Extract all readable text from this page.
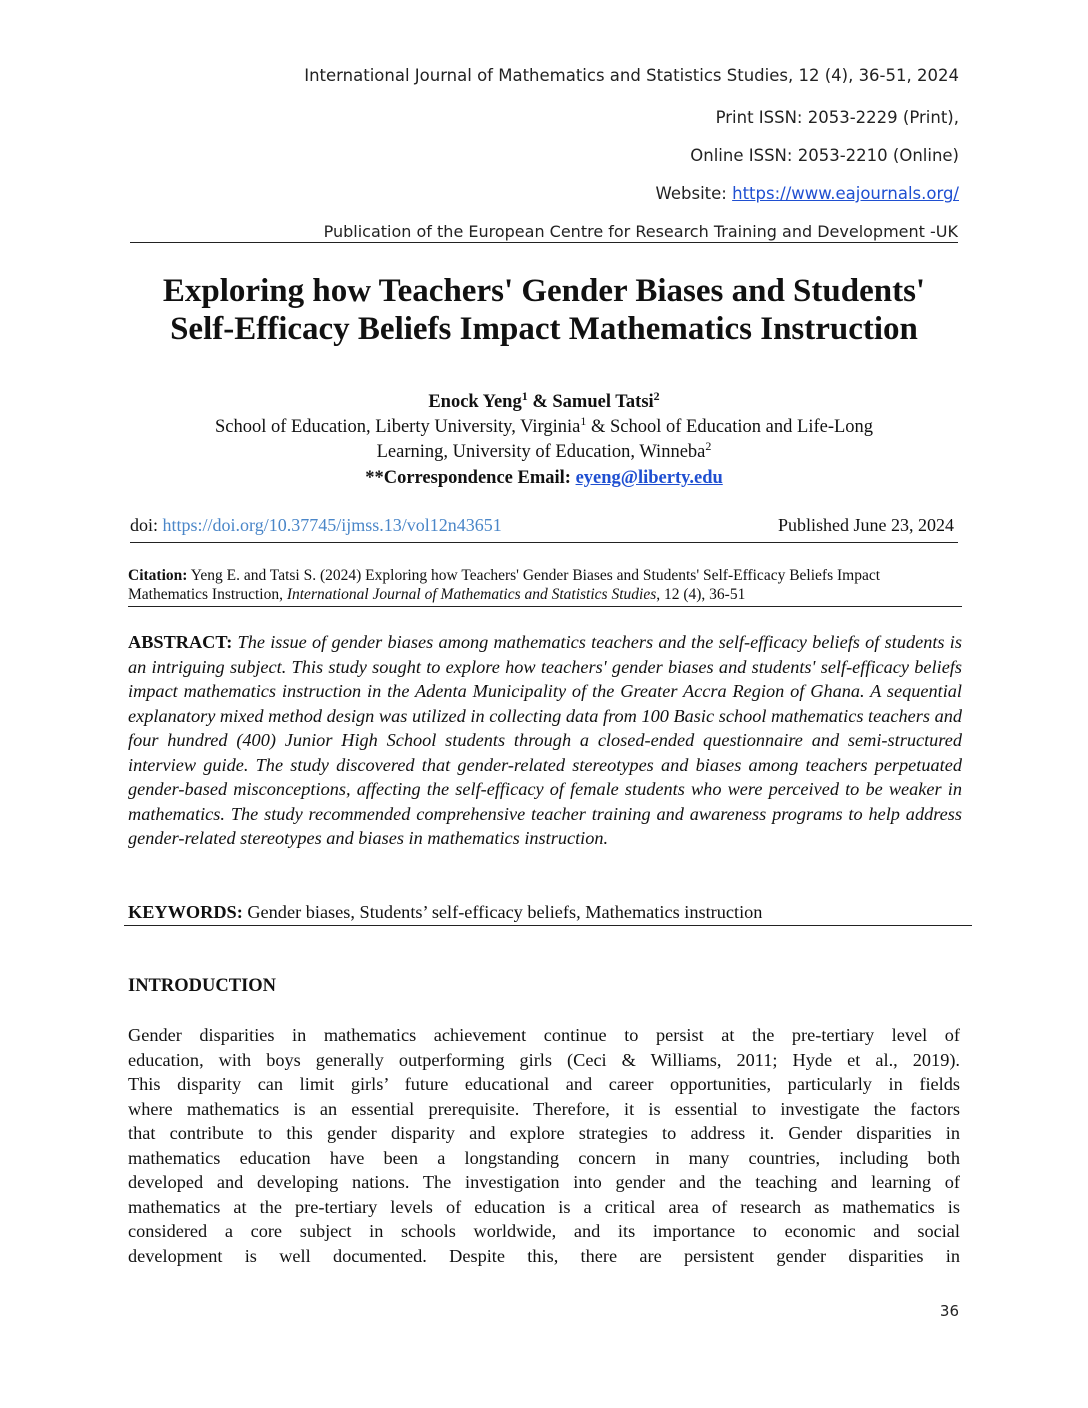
International Journal of Mathematics and Statistics Studies, 12 (4), 36-51, 2024
Print ISSN: 2053-2229 (Print),
Online ISSN: 2053-2210 (Online)
Website: https://www.eajournals.org/
Publication of the European Centre for Research Training and Development -UK
Exploring how Teachers' Gender Biases and Students'
Self-Efficacy Beliefs Impact Mathematics Instruction
Enock Yeng$^1$ & Samuel Tatsi$^2$
School of Education, Liberty University, Virginia$^1$ & School of Education and Life-Long
Learning, University of Education, Winneba$^2$
**Correspondence Email: eyeng@liberty.edu
doi: https://doi.org/10.37745/ijmss.13/vol12n43651	Published June 23, 2024
Citation: Yeng E. and Tatsi S. (2024) Exploring how Teachers' Gender Biases and Students' Self-Efficacy Beliefs Impact Mathematics Instruction, International Journal of Mathematics and Statistics Studies, 12 (4), 36-51
ABSTRACT: The issue of gender biases among mathematics teachers and the self-efficacy beliefs of students is an intriguing subject. This study sought to explore how teachers' gender biases and students' self-efficacy beliefs impact mathematics instruction in the Adenta Municipality of the Greater Accra Region of Ghana. A sequential explanatory mixed method design was utilized in collecting data from 100 Basic school mathematics teachers and four hundred (400) Junior High School students through a closed-ended questionnaire and semi-structured interview guide. The study discovered that gender-related stereotypes and biases among teachers perpetuated gender-based misconceptions, affecting the self-efficacy of female students who were perceived to be weaker in mathematics. The study recommended comprehensive teacher training and awareness programs to help address gender-related stereotypes and biases in mathematics instruction.
KEYWORDS: Gender biases, Students’ self-efficacy beliefs, Mathematics instruction
INTRODUCTION
Gender disparities in mathematics achievement continue to persist at the pre-tertiary level of
education, with boys generally outperforming girls (Ceci & Williams, 2011; Hyde et al., 2019).
This disparity can limit girls’ future educational and career opportunities, particularly in fields
where mathematics is an essential prerequisite. Therefore, it is essential to investigate the factors
that contribute to this gender disparity and explore strategies to address it. Gender disparities in
mathematics education have been a longstanding concern in many countries, including both
developed and developing nations. The investigation into gender and the teaching and learning of
mathematics at the pre-tertiary levels of education is a critical area of research as mathematics is
considered a core subject in schools worldwide, and its importance to economic and social
development is well documented. Despite this, there are persistent gender disparities in
36
